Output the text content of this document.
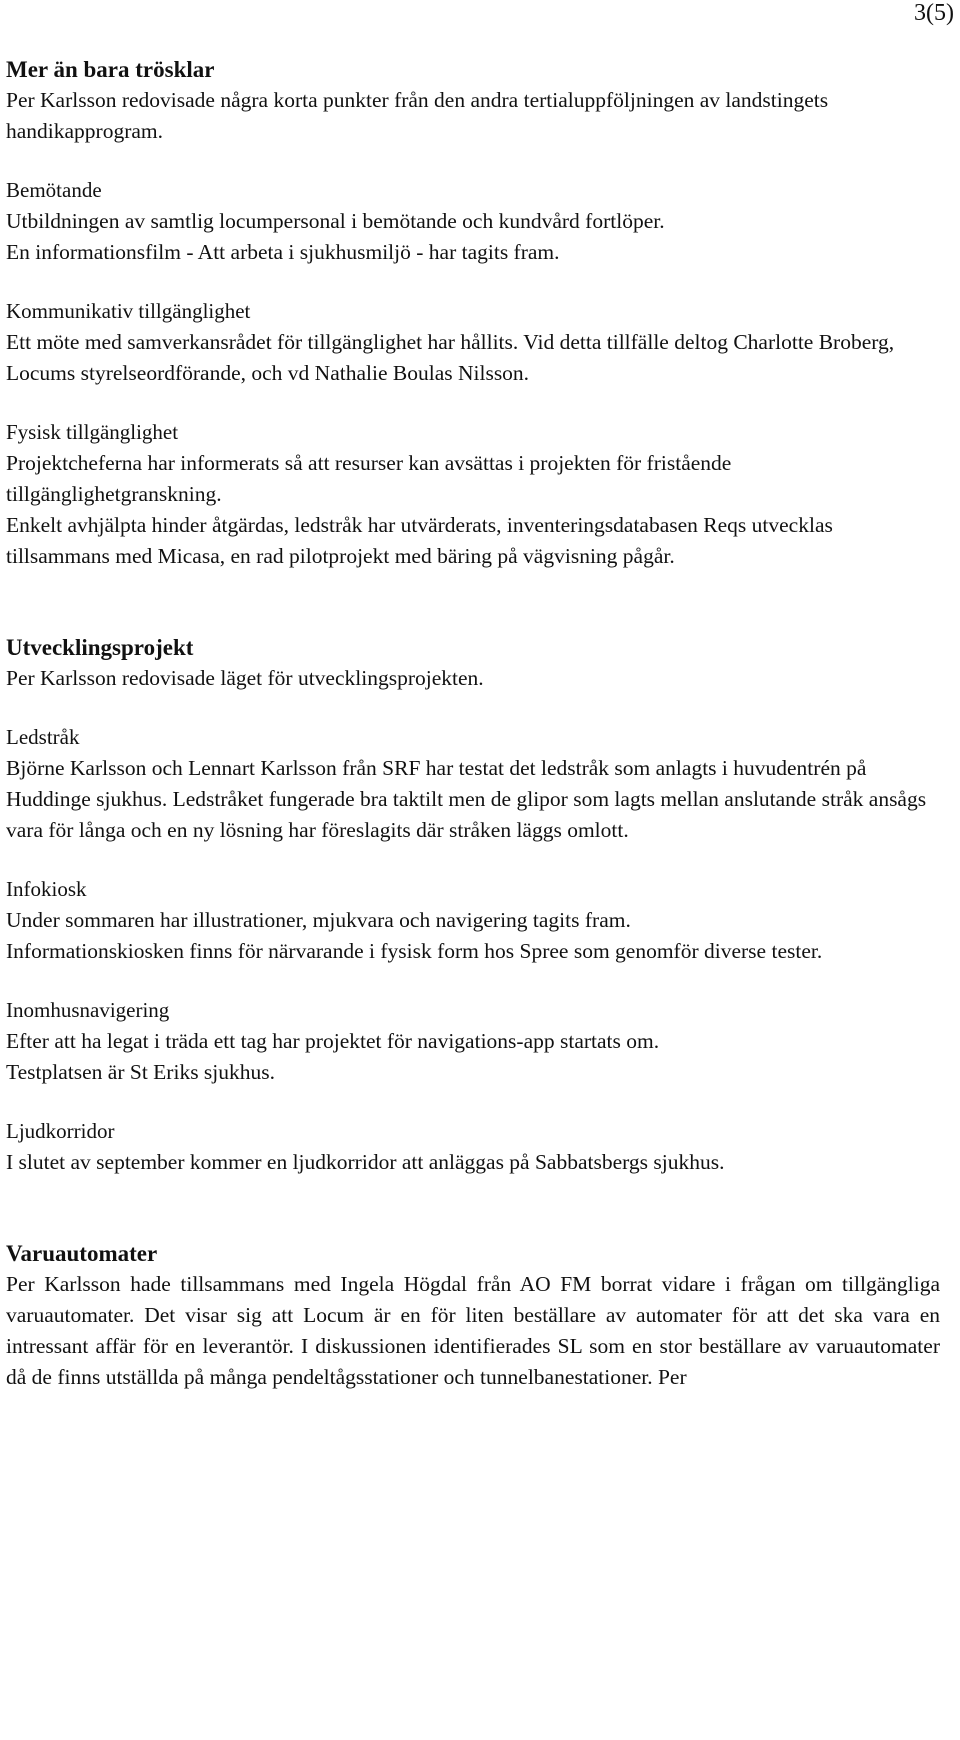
3(5)

Mer än bara trösklar

Per Karlsson redovisade några korta punkter från den andra tertialuppföljningen av landstingets handikapprogram.

Bemötande

Utbildningen av samtlig locumpersonal i bemötande och kundvård fortlöper.

En informationsfilm - Att arbeta i sjukhusmiljö - har tagits fram.

Kommunikativ tillgänglighet

Ett möte med samverkansrådet för tillgänglighet har hållits. Vid detta tillfälle deltog Charlotte Broberg, Locums styrelseordförande, och vd Nathalie Boulas Nilsson.

Fysisk tillgänglighet

Projektcheferna har informerats så att resurser kan avsättas i projekten för fristående tillgänglighetgranskning.

Enkelt avhjälpta hinder åtgärdas, ledstråk har utvärderats, inventeringsdatabasen Reqs utvecklas tillsammans med Micasa, en rad pilotprojekt med bäring på vägvisning pågår.

Utvecklingsprojekt

Per Karlsson redovisade läget för utvecklingsprojekten.

Ledstråk

Björne Karlsson och Lennart Karlsson från SRF har testat det ledstråk som anlagts i huvudentrén på Huddinge sjukhus. Ledstråket fungerade bra taktilt men de glipor som lagts mellan anslutande stråk ansågs vara för långa och en ny lösning har föreslagits där stråken läggs omlott.

Infokiosk

Under sommaren har illustrationer, mjukvara och navigering tagits fram.

Informationskiosken finns för närvarande i fysisk form hos Spree som genomför diverse tester.

Inomhusnavigering

Efter att ha legat i träda ett tag har projektet för navigations-app startats om.

Testplatsen är St Eriks sjukhus.

Ljudkorridor

I slutet av september kommer en ljudkorridor att anläggas på Sabbatsbergs sjukhus.

Varuautomater

Per Karlsson hade tillsammans med Ingela Högdal från AO FM borrat vidare i frågan om tillgängliga varuautomater. Det visar sig att Locum är en för liten beställare av automater för att det ska vara en intressant affär för en leverantör. I diskussionen identifierades SL som en stor beställare av varuautomater då de finns utställda på många pendeltågsstationer och tunnelbanestationer. Per
